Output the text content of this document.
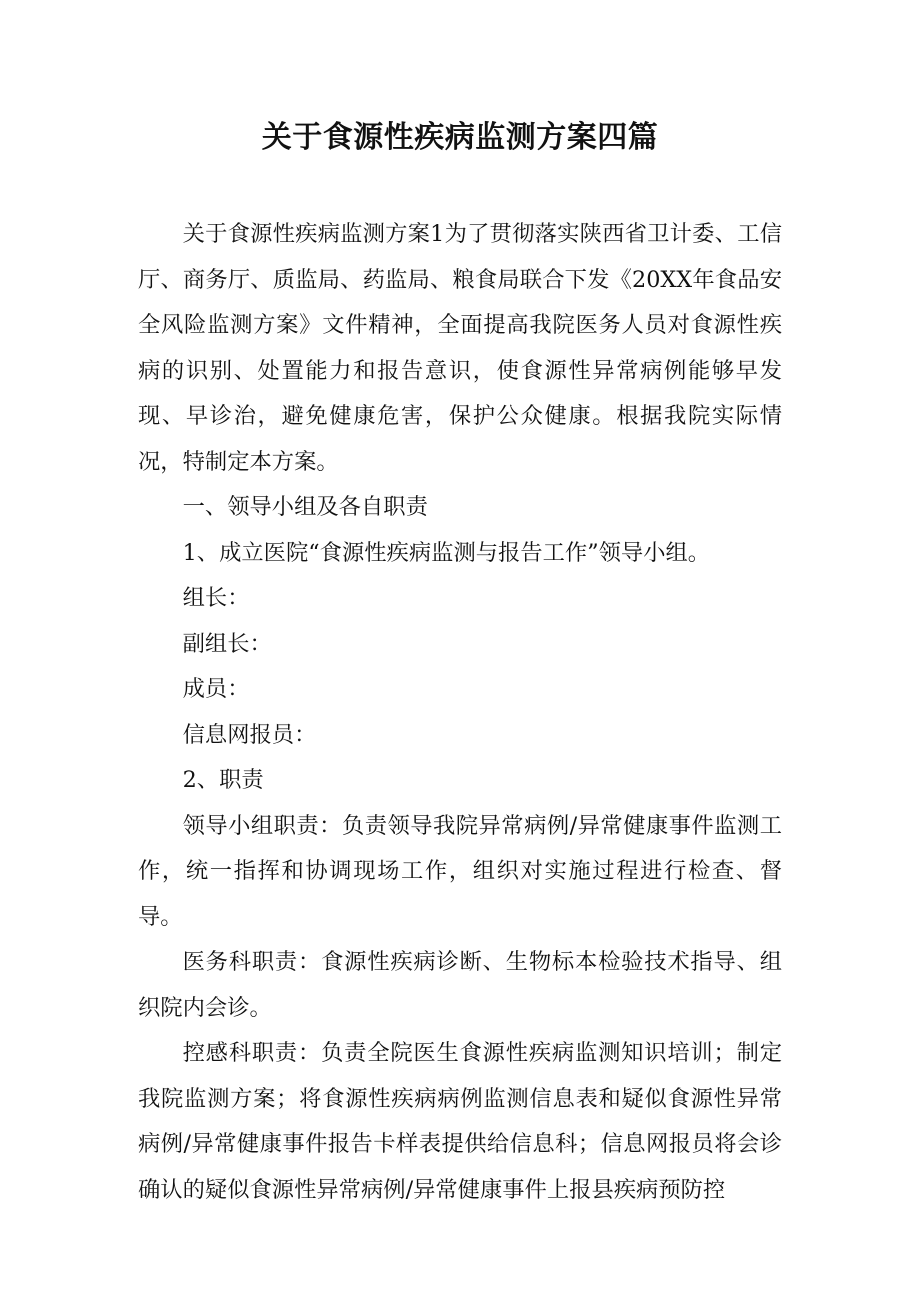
关于食源性疾病监测方案四篇

关于食源性疾病监测方案1为了贯彻落实陕西省卫计委、工信厅、商务厅、质监局、药监局、粮食局联合下发《20XX年食品安全风险监测方案》文件精神，全面提高我院医务人员对食源性疾病的识别、处置能力和报告意识，使食源性异常病例能够早发现、早诊治，避免健康危害，保护公众健康。根据我院实际情况，特制定本方案。

一、领导小组及各自职责

1、成立医院“食源性疾病监测与报告工作”领导小组。

组长：

副组长：

成员：

信息网报员：

2、职责

领导小组职责：负责领导我院异常病例/异常健康事件监测工作，统一指挥和协调现场工作，组织对实施过程进行检查、督导。

医务科职责：食源性疾病诊断、生物标本检验技术指导、组织院内会诊。

控感科职责：负责全院医生食源性疾病监测知识培训；制定我院监测方案；将食源性疾病病例监测信息表和疑似食源性异常病例/异常健康事件报告卡样表提供给信息科；信息网报员将会诊确认的疑似食源性异常病例/异常健康事件上报县疾病预防控
